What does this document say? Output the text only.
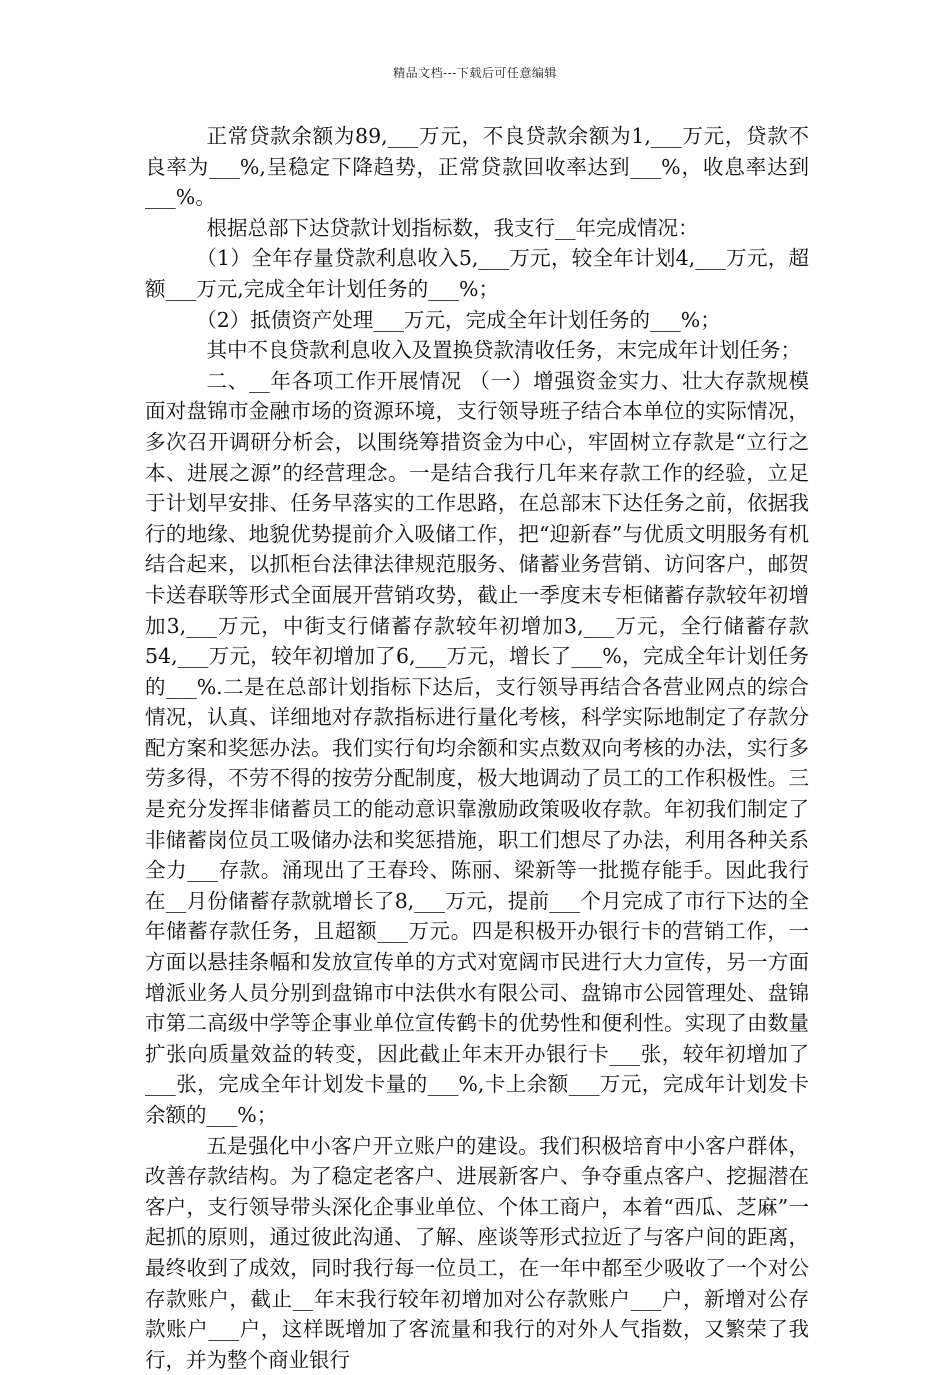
精品文档---下载后可任意编辑

正常贷款余额为89,___万元，不良贷款余额为1,___万元，贷款不良率为___%,呈稳定下降趋势，正常贷款回收率达到___%，收息率达到___%。

根据总部下达贷款计划指标数，我支行__年完成情况：

（1）全年存量贷款利息收入5,___万元，较全年计划4,___万元，超额___万元,完成全年计划任务的___%；

（2）抵债资产处理___万元，完成全年计划任务的___%；

其中不良贷款利息收入及置换贷款清收任务，末完成年计划任务；

二、__年各项工作开展情况 （一）增强资金实力、壮大存款规模 面对盘锦市金融市场的资源环境，支行领导班子结合本单位的实际情况，多次召开调研分析会，以围绕筹措资金为中心，牢固树立存款是“立行之本、进展之源”的经营理念。一是结合我行几年来存款工作的经验，立足于计划早安排、任务早落实的工作思路，在总部末下达任务之前，依据我行的地缘、地貌优势提前介入吸储工作，把“迎新春”与优质文明服务有机结合起来，以抓柜台法律法律规范服务、储蓄业务营销、访问客户，邮贺卡送春联等形式全面展开营销攻势，截止一季度末专柜储蓄存款较年初增加3,___万元，中街支行储蓄存款较年初增加3,___万元，全行储蓄存款54,___万元，较年初增加了6,___万元，增长了___%，完成全年计划任务的___%.二是在总部计划指标下达后，支行领导再结合各营业网点的综合情况，认真、详细地对存款指标进行量化考核，科学实际地制定了存款分配方案和奖惩办法。我们实行旬均余额和实点数双向考核的办法，实行多劳多得，不劳不得的按劳分配制度，极大地调动了员工的工作积极性。三是充分发挥非储蓄员工的能动意识靠激励政策吸收存款。年初我们制定了非储蓄岗位员工吸储办法和奖惩措施，职工们想尽了办法，利用各种关系全力___存款。涌现出了王春玲、陈丽、梁新等一批揽存能手。因此我行在__月份储蓄存款就增长了8,___万元，提前___个月完成了市行下达的全年储蓄存款任务，且超额___万元。四是积极开办银行卡的营销工作，一方面以悬挂条幅和发放宣传单的方式对宽阔市民进行大力宣传，另一方面增派业务人员分别到盘锦市中法供水有限公司、盘锦市公园管理处、盘锦市第二高级中学等企事业单位宣传鹤卡的优势性和便利性。实现了由数量扩张向质量效益的转变，因此截止年末开办银行卡___张，较年初增加了___张，完成全年计划发卡量的___%,卡上余额___万元，完成年计划发卡余额的___%；

五是强化中小客户开立账户的建设。我们积极培育中小客户群体，改善存款结构。为了稳定老客户、进展新客户、争夺重点客户、挖掘潜在客户，支行领导带头深化企事业单位、个体工商户，本着“西瓜、芝麻”一起抓的原则，通过彼此沟通、了解、座谈等形式拉近了与客户间的距离，最终收到了成效，同时我行每一位员工，在一年中都至少吸收了一个对公存款账户，截止__年末我行较年初增加对公存款账户___户，新增对公存款账户___户，这样既增加了客流量和我行的对外人气指数，又繁荣了我行，并为整个商业银行
